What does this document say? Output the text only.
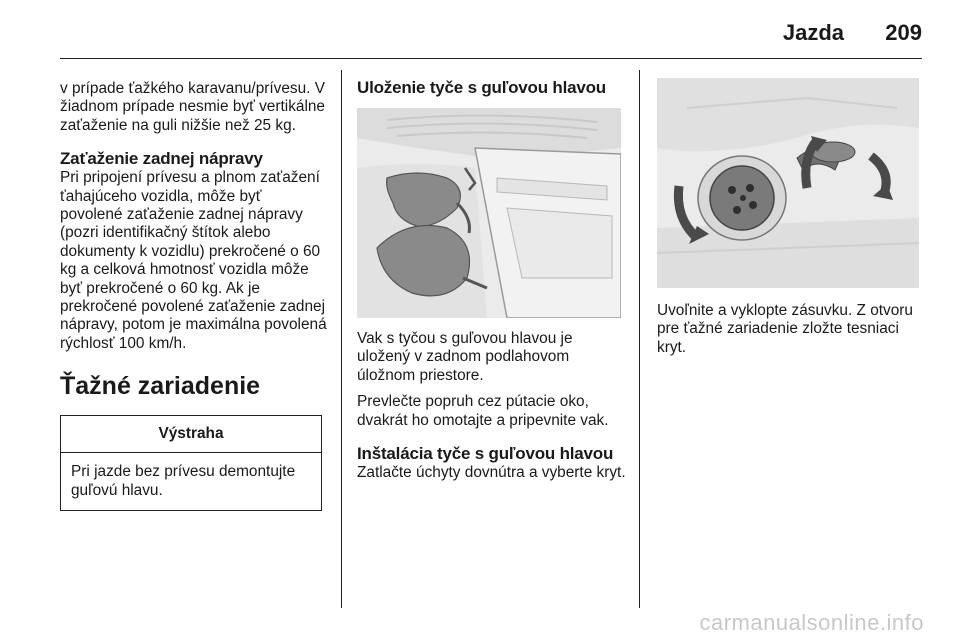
Jazda 209

v prípade ťažkého karavanu/prívesu. V žiadnom prípade nesmie byť vertikálne zaťaženie na guli nižšie než 25 kg.

Zaťaženie zadnej nápravy

Pri pripojení prívesu a plnom zaťažení ťahajúceho vozidla, môže byť povolené zaťaženie zadnej nápravy (pozri identifikačný štítok alebo dokumenty k vozidlu) prekročené o 60 kg a celková hmotnosť vozidla môže byť prekročené o 60 kg. Ak je prekročené povolené zaťaženie zadnej nápravy, potom je maximálna povolená rýchlosť 100 km/h.

Ťažné zariadenie
Výstraha
Pri jazde bez prívesu demontujte guľovú hlavu.
Uloženie tyče s guľovou hlavou

Vak s tyčou s guľovou hlavou je uložený v zadnom podlahovom úložnom priestore.

Prevlečte popruh cez pútacie oko, dvakrát ho omotajte a pripevnite vak.

Inštalácia tyče s guľovou hlavou

Zatlačte úchyty dovnútra a vyberte kryt.

Uvoľnite a vyklopte zásuvku. Z otvoru pre ťažné zariadenie zložte tesniaci kryt.

carmanualsonline.info
